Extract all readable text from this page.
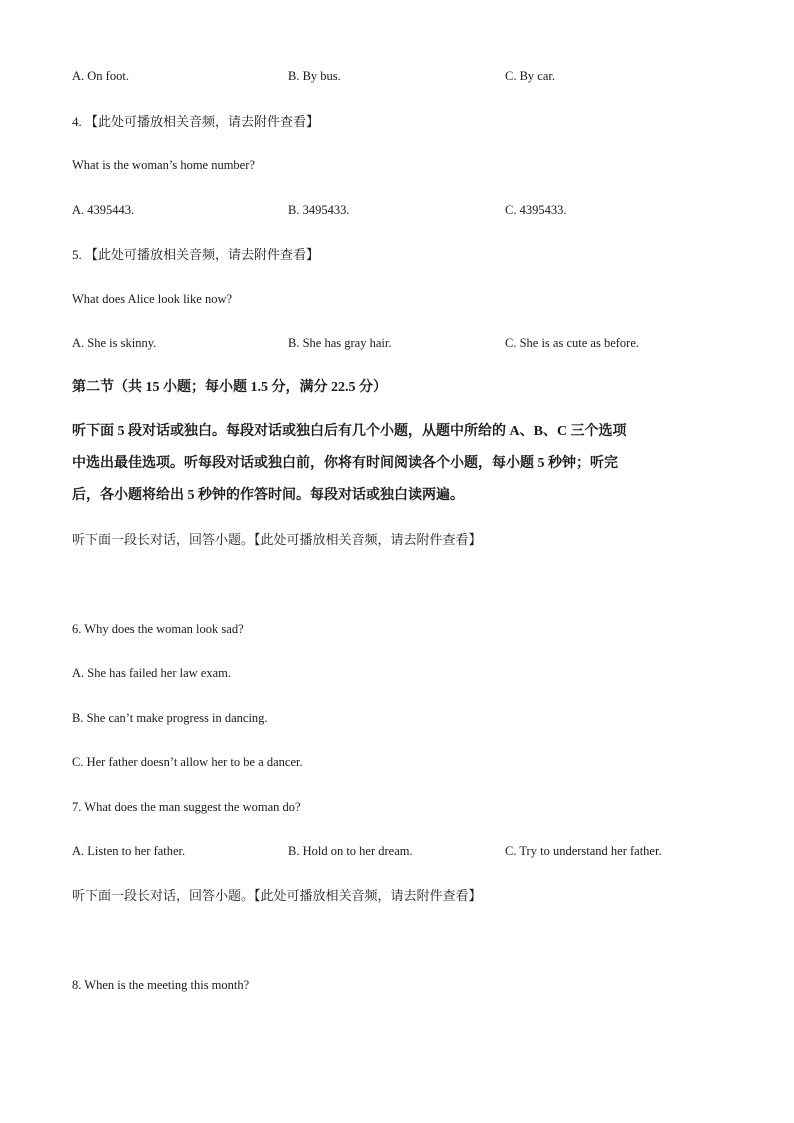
A. On foot.	B. By bus.	C. By car.
4. 【此处可播放相关音频，请去附件查看】
What is the woman’s home number?
A. 4395443.	B. 3495433.	C. 4395433.
5. 【此处可播放相关音频，请去附件查看】
What does Alice look like now?
A. She is skinny.	B. She has gray hair.	C. She is as cute as before.
第二节（共 15 小题；每小题 1.5 分，满分 22.5 分）
听下面 5 段对话或独白。每段对话或独白后有几个小题，从题中所给的 A、B、C 三个选项
中选出最佳选项。听每段对话或独白前，你将有时间阅读各个小题，每小题 5 秒钟；听完
后，各小题将给出 5 秒钟的作答时间。每段对话或独白读两遍。
听下面一段长对话，回答小题。【此处可播放相关音频，请去附件查看】
6. Why does the woman look sad?
A. She has failed her law exam.
B. She can’t make progress in dancing.
C. Her father doesn’t allow her to be a dancer.
7. What does the man suggest the woman do?
A. Listen to her father.	B. Hold on to her dream.	C. Try to understand her father.
听下面一段长对话，回答小题。【此处可播放相关音频，请去附件查看】
8. When is the meeting this month?
